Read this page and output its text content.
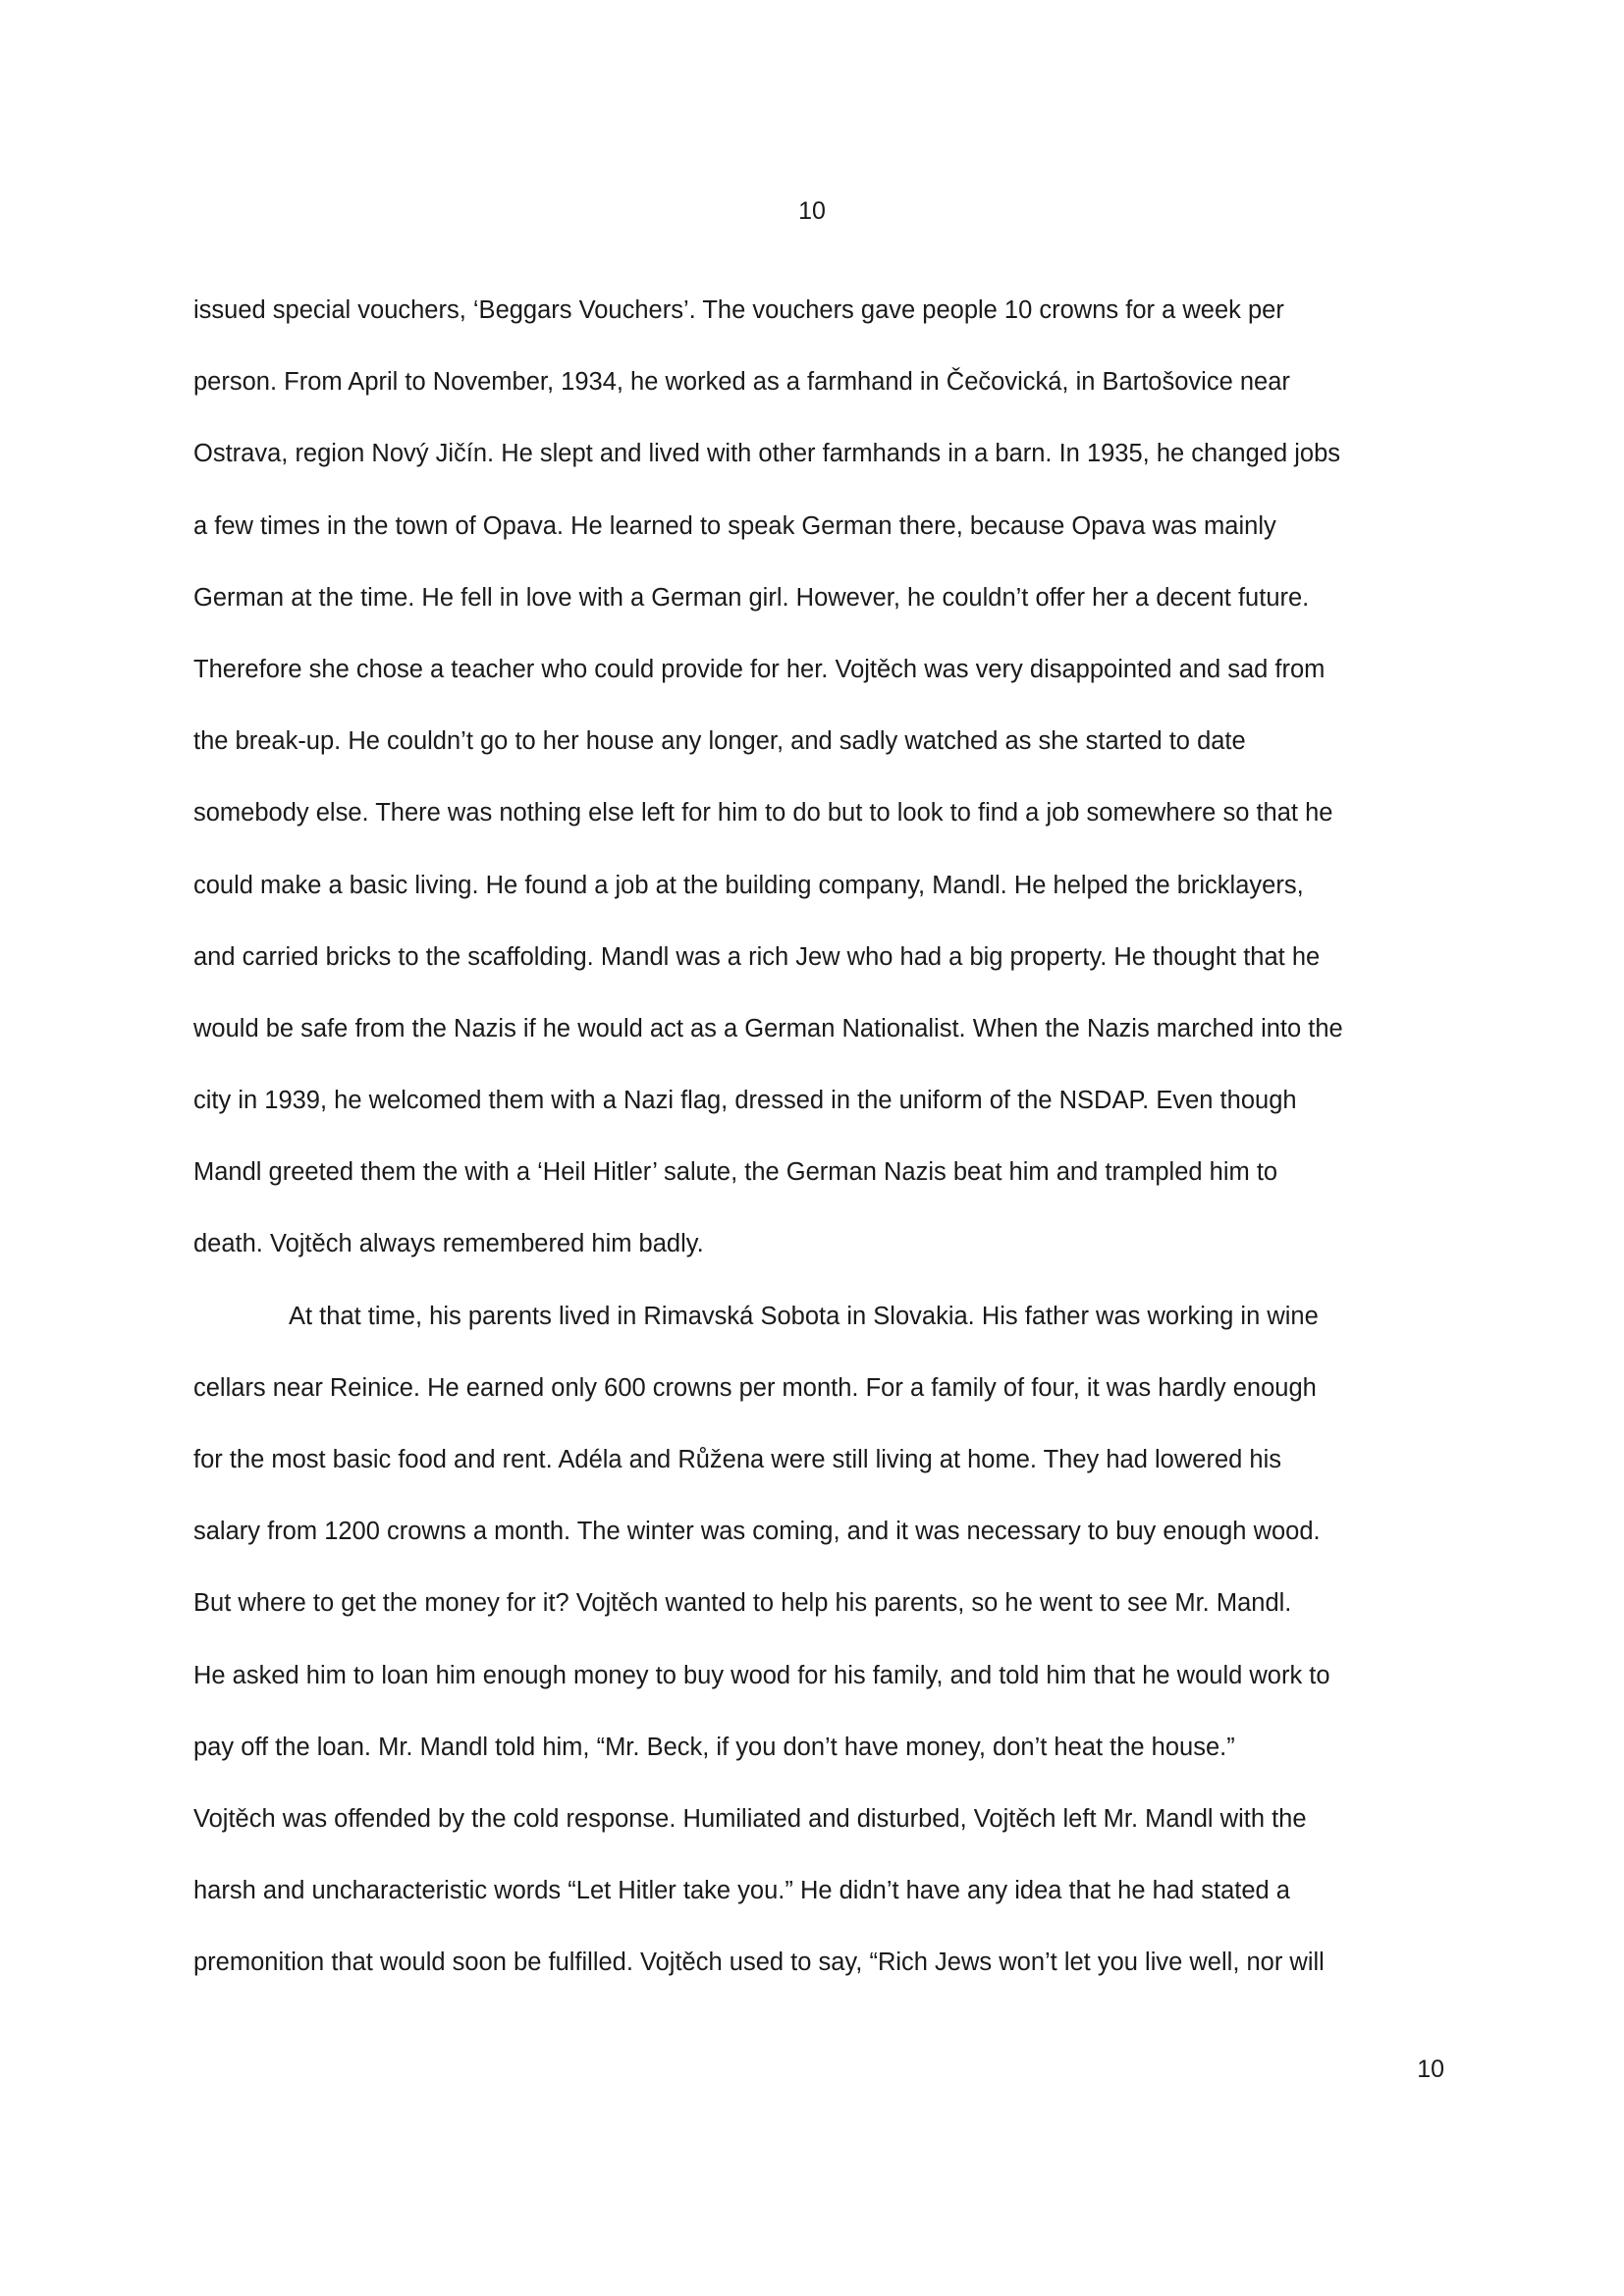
10
issued special vouchers, ‘Beggars Vouchers’. The vouchers gave people 10 crowns for a week per
person. From April to November, 1934, he worked as a farmhand in Čečovická, in Bartošovice near
Ostrava, region Nový Jičín. He slept and lived with other farmhands in a barn. In 1935, he changed jobs
a few times in the town of Opava. He learned to speak German there, because Opava was mainly
German at the time. He fell in love with a German girl. However, he couldn’t offer her a decent future.
Therefore she chose a teacher who could provide for her. Vojtěch was very disappointed and sad from
the break-up. He couldn’t go to her house any longer, and sadly watched as she started to date
somebody else. There was nothing else left for him to do but to look to find a job somewhere so that he
could make a basic living. He found a job at the building company, Mandl. He helped the bricklayers,
and carried bricks to the scaffolding. Mandl was a rich Jew who had a big property. He thought that he
would be safe from the Nazis if he would act as a German Nationalist. When the Nazis marched into the
city in 1939, he welcomed them with a Nazi flag, dressed in the uniform of the NSDAP. Even though
Mandl greeted them the with a ‘Heil Hitler’ salute, the German Nazis beat him and trampled him to
death. Vojtěch always remembered him badly.
At that time, his parents lived in Rimavská Sobota in Slovakia. His father was working in wine
cellars near Reinice. He earned only 600 crowns per month. For a family of four, it was hardly enough
for the most basic food and rent. Adéla and Růžena were still living at home. They had lowered his
salary from 1200 crowns a month. The winter was coming, and it was necessary to buy enough wood.
But where to get the money for it? Vojtěch wanted to help his parents, so he went to see Mr. Mandl.
He asked him to loan him enough money to buy wood for his family, and told him that he would work to
pay off the loan. Mr. Mandl told him, “Mr. Beck, if you don’t have money, don’t heat the house.”
Vojtěch was offended by the cold response. Humiliated and disturbed, Vojtěch left Mr. Mandl with the
harsh and uncharacteristic words “Let Hitler take you.” He didn’t have any idea that he had stated a
premonition that would soon be fulfilled. Vojtěch used to say, “Rich Jews won’t let you live well, nor will
10
